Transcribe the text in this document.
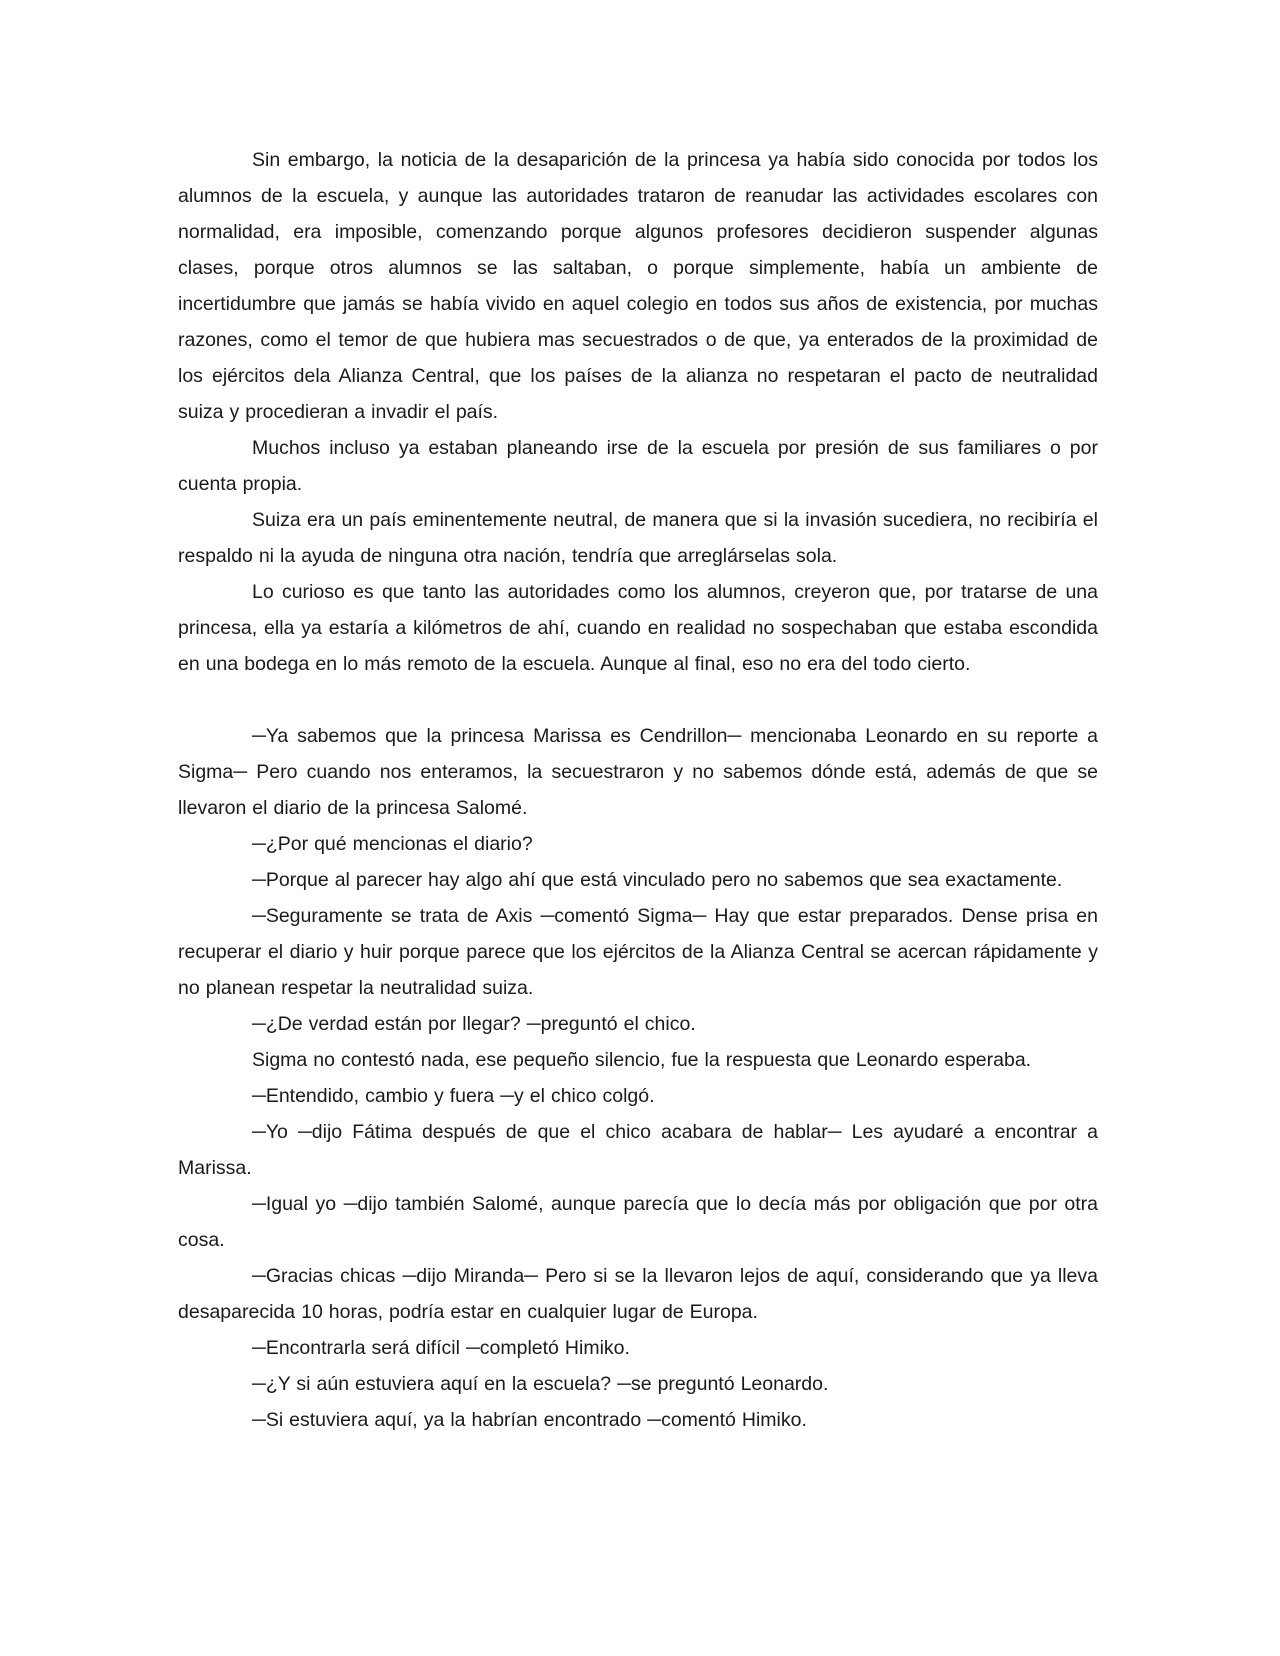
Sin embargo, la noticia de la desaparición de la princesa ya había sido conocida por todos los alumnos de la escuela, y aunque las autoridades trataron de reanudar las actividades escolares con normalidad, era imposible, comenzando porque algunos profesores decidieron suspender algunas clases, porque otros alumnos se las saltaban, o porque simplemente, había un ambiente de incertidumbre que jamás se había vivido en aquel colegio en todos sus años de existencia, por muchas razones, como el temor de que hubiera mas secuestrados o de que, ya enterados de la proximidad de los ejércitos dela Alianza Central, que los países de la alianza no respetaran el pacto de neutralidad suiza y procedieran a invadir el país.

Muchos incluso ya estaban planeando irse de la escuela por presión de sus familiares o por cuenta propia.

Suiza era un país eminentemente neutral, de manera que si la invasión sucediera, no recibiría el respaldo ni la ayuda de ninguna otra nación, tendría que arreglárselas sola.

Lo curioso es que tanto las autoridades como los alumnos, creyeron que, por tratarse de una princesa, ella ya estaría a kilómetros de ahí, cuando en realidad no sospechaban que estaba escondida en una bodega en lo más remoto de la escuela. Aunque al final, eso no era del todo cierto.

─Ya sabemos que la princesa Marissa es Cendrillon─ mencionaba Leonardo en su reporte a Sigma─ Pero cuando nos enteramos, la secuestraron y no sabemos dónde está, además de que se llevaron el diario de la princesa Salomé.

─¿Por qué mencionas el diario?

─Porque al parecer hay algo ahí que está vinculado pero no sabemos que sea exactamente.

─Seguramente se trata de Axis ─comentó Sigma─ Hay que estar preparados. Dense prisa en recuperar el diario y huir porque parece que los ejércitos de la Alianza Central se acercan rápidamente y no planean respetar la neutralidad suiza.

─¿De verdad están por llegar? ─preguntó el chico.

Sigma no contestó nada, ese pequeño silencio, fue la respuesta que Leonardo esperaba.

─Entendido, cambio y fuera ─y el chico colgó.

─Yo ─dijo Fátima después de que el chico acabara de hablar─ Les ayudaré a encontrar a Marissa.

─Igual yo ─dijo también Salomé, aunque parecía que lo decía más por obligación que por otra cosa.

─Gracias chicas ─dijo Miranda─ Pero si se la llevaron lejos de aquí, considerando que ya lleva desaparecida 10 horas, podría estar en cualquier lugar de Europa.

─Encontrarla será difícil ─completó Himiko.

─¿Y si aún estuviera aquí en la escuela? ─se preguntó Leonardo.

─Si estuviera aquí, ya la habrían encontrado ─comentó Himiko.
